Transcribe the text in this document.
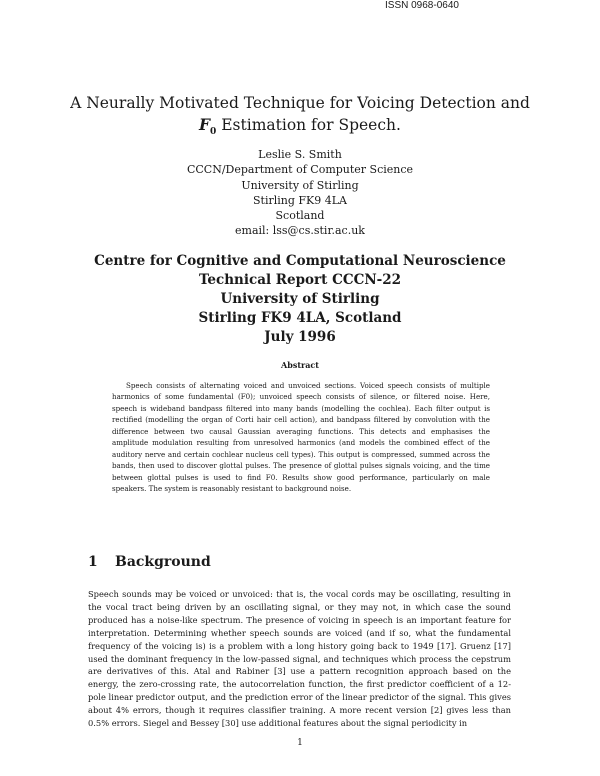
ISSN 0968-0640
A Neurally Motivated Technique for Voicing Detection and
$F_0$ Estimation for Speech.
Leslie S. Smith
CCCN/Department of Computer Science
University of Stirling
Stirling FK9 4LA
Scotland
email: lss@cs.stir.ac.uk
Centre for Cognitive and Computational Neuroscience
Technical Report CCCN-22
University of Stirling
Stirling FK9 4LA, Scotland
July 1996
Abstract

Speech consists of alternating voiced and unvoiced sections. Voiced speech consists of multiple harmonics of some fundamental (F0); unvoiced speech consists of silence, or filtered noise. Here, speech is wideband bandpass filtered into many bands (modelling the cochlea). Each filter output is rectified (modelling the organ of Corti hair cell action), and bandpass filtered by convolution with the difference between two causal Gaussian averaging functions. This detects and emphasises the amplitude modulation resulting from unresolved harmonics (and models the combined effect of the auditory nerve and certain cochlear nucleus cell types). This output is compressed, summed across the bands, then used to discover glottal pulses. The presence of glottal pulses signals voicing, and the time between glottal pulses is used to find F0. Results show good performance, particularly on male speakers. The system is reasonably resistant to background noise.

1 Background

Speech sounds may be voiced or unvoiced: that is, the vocal cords may be oscillating, resulting in the vocal tract being driven by an oscillating signal, or they may not, in which case the sound produced has a noise-like spectrum. The presence of voicing in speech is an important feature for interpretation. Determining whether speech sounds are voiced (and if so, what the fundamental frequency of the voicing is) is a problem with a long history going back to 1949 [17]. Gruenz [17] used the dominant frequency in the low-passed signal, and techniques which process the cepstrum are derivatives of this. Atal and Rabiner [3] use a pattern recognition approach based on the energy, the zero-crossing rate, the autocorrelation function, the first predictor coefficient of a 12-pole linear predictor output, and the prediction error of the linear predictor of the signal. This gives about 4% errors, though it requires classifier training. A more recent version [2] gives less than 0.5% errors. Siegel and Bessey [30] use additional features about the signal periodicity in

1
